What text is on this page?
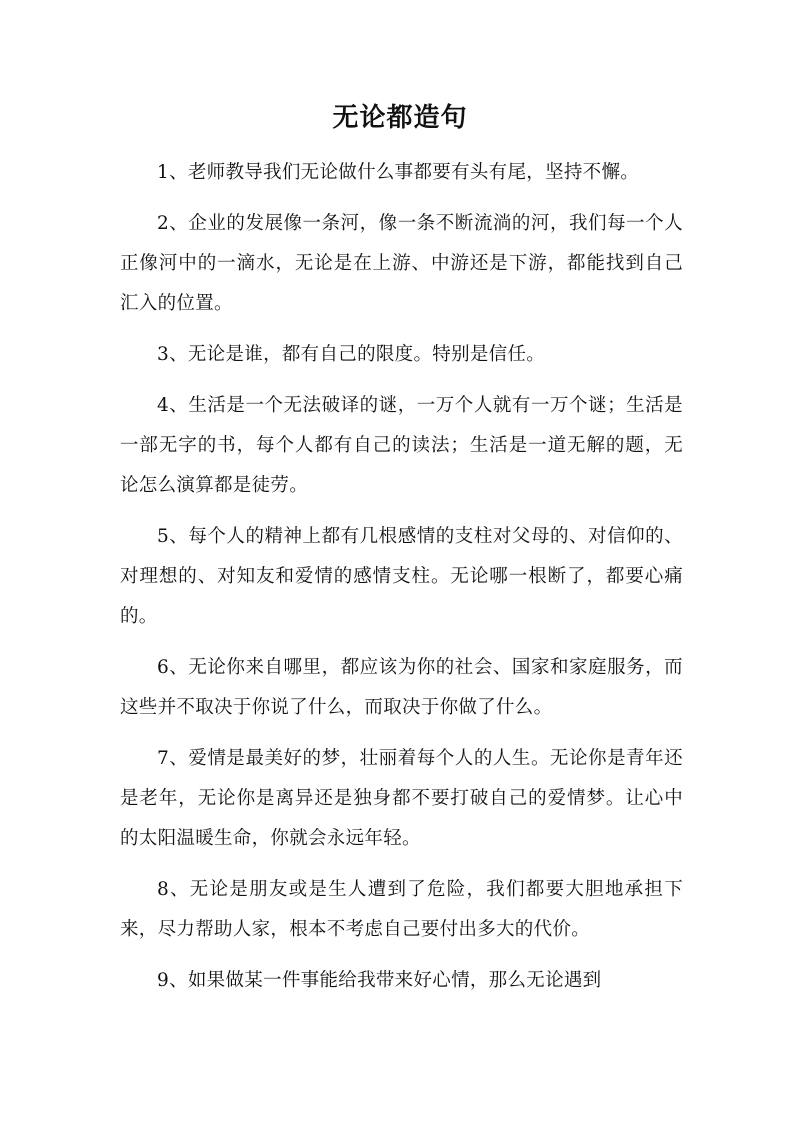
无论都造句

1、老师教导我们无论做什么事都要有头有尾，坚持不懈。

2、企业的发展像一条河，像一条不断流淌的河，我们每一个人正像河中的一滴水，无论是在上游、中游还是下游，都能找到自己汇入的位置。

3、无论是谁，都有自己的限度。特别是信任。

4、生活是一个无法破译的谜，一万个人就有一万个谜；生活是一部无字的书，每个人都有自己的读法；生活是一道无解的题，无论怎么演算都是徒劳。

5、每个人的精神上都有几根感情的支柱对父母的、对信仰的、对理想的、对知友和爱情的感情支柱。无论哪一根断了，都要心痛的。

6、无论你来自哪里，都应该为你的社会、国家和家庭服务，而这些并不取决于你说了什么，而取决于你做了什么。

7、爱情是最美好的梦，壮丽着每个人的人生。无论你是青年还是老年，无论你是离异还是独身都不要打破自己的爱情梦。让心中的太阳温暖生命，你就会永远年轻。

8、无论是朋友或是生人遭到了危险，我们都要大胆地承担下来，尽力帮助人家，根本不考虑自己要付出多大的代价。

9、如果做某一件事能给我带来好心情，那么无论遇到
